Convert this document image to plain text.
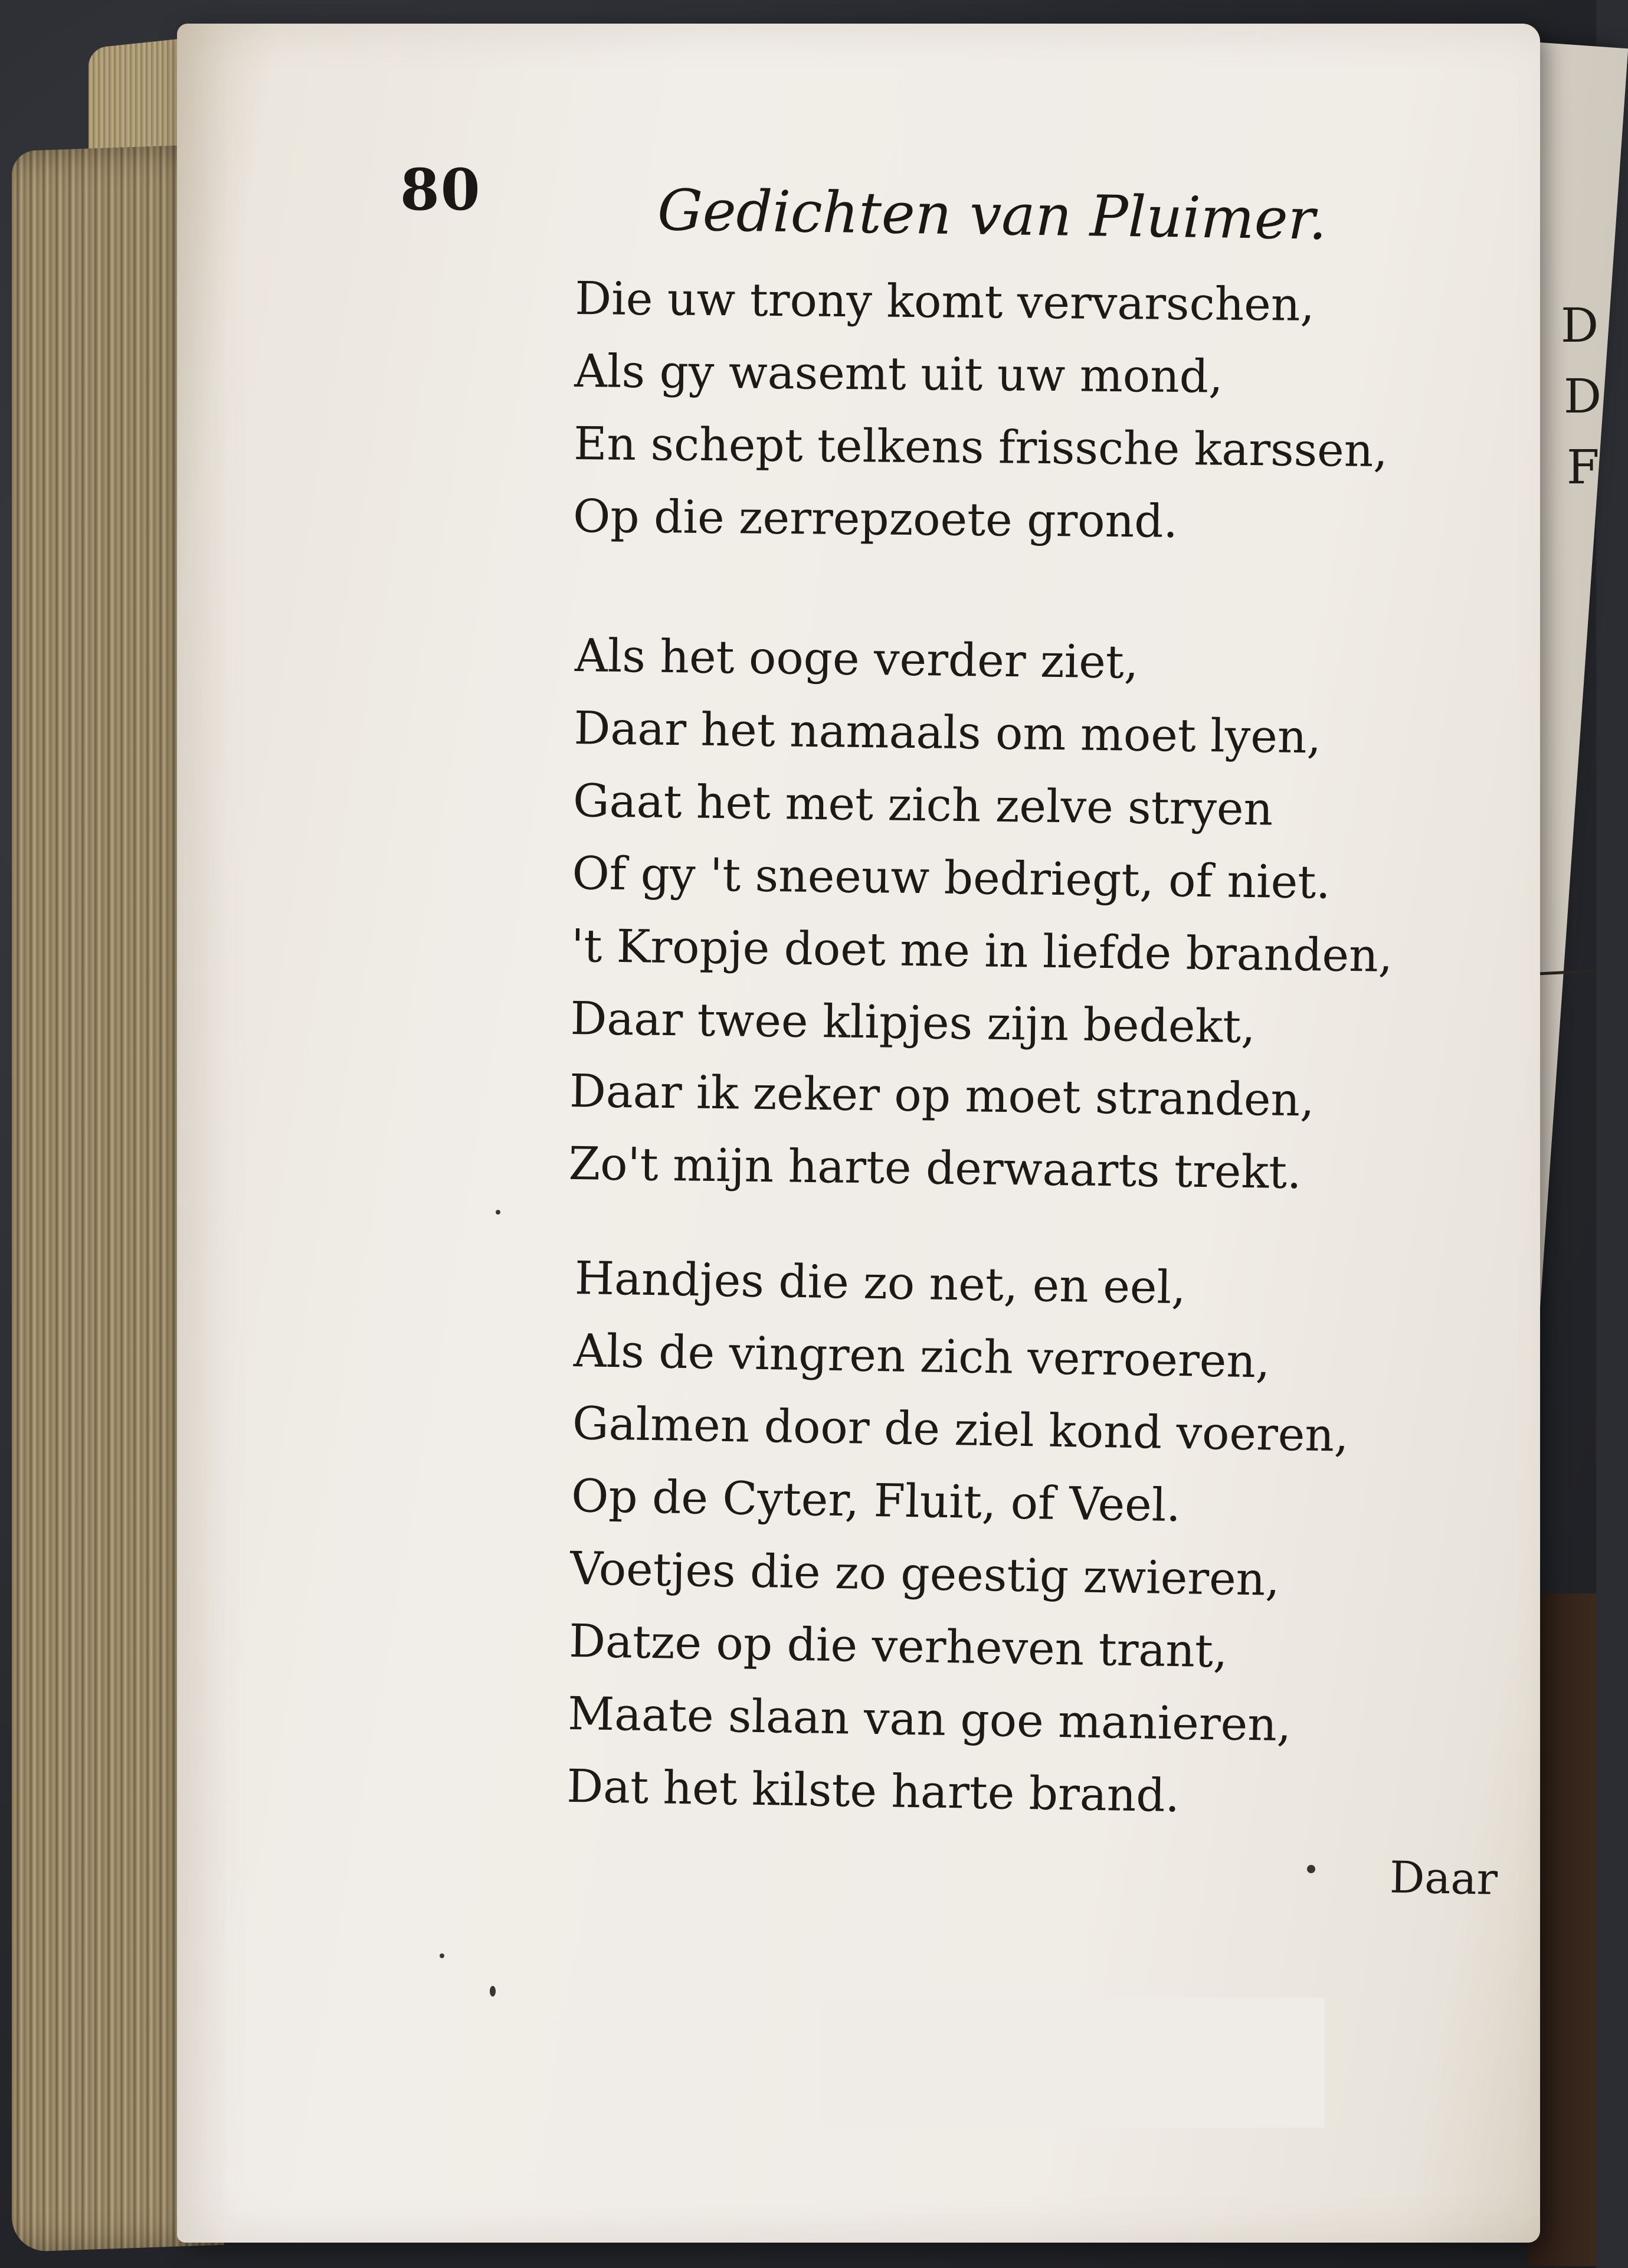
D
D
F
80	Gedichten van Pluimer.
Die uw trony komt vervarschen,
Als gy wasemt uit uw mond,
En schept telkens frissche karssen,
Op die zerrepzoete grond.
Als het ooge verder ziet,
Daar het namaals om moet lyen,
Gaat het met zich zelve stryen
Of gy 't sneeuw bedriegt, of niet.
't Kropje doet me in liefde branden,
Daar twee klipjes zijn bedekt,
Daar ik zeker op moet stranden,
Zo't mijn harte derwaarts trekt.
Handjes die zo net, en eel,
Als de vingren zich verroeren,
Galmen door de ziel kond voeren,
Op de Cyter, Fluit, of Veel.
Voetjes die zo geestig zwieren,
Datze op die verheven trant,
Maate slaan van goe manieren,
Dat het kilste harte brand.
Daar
